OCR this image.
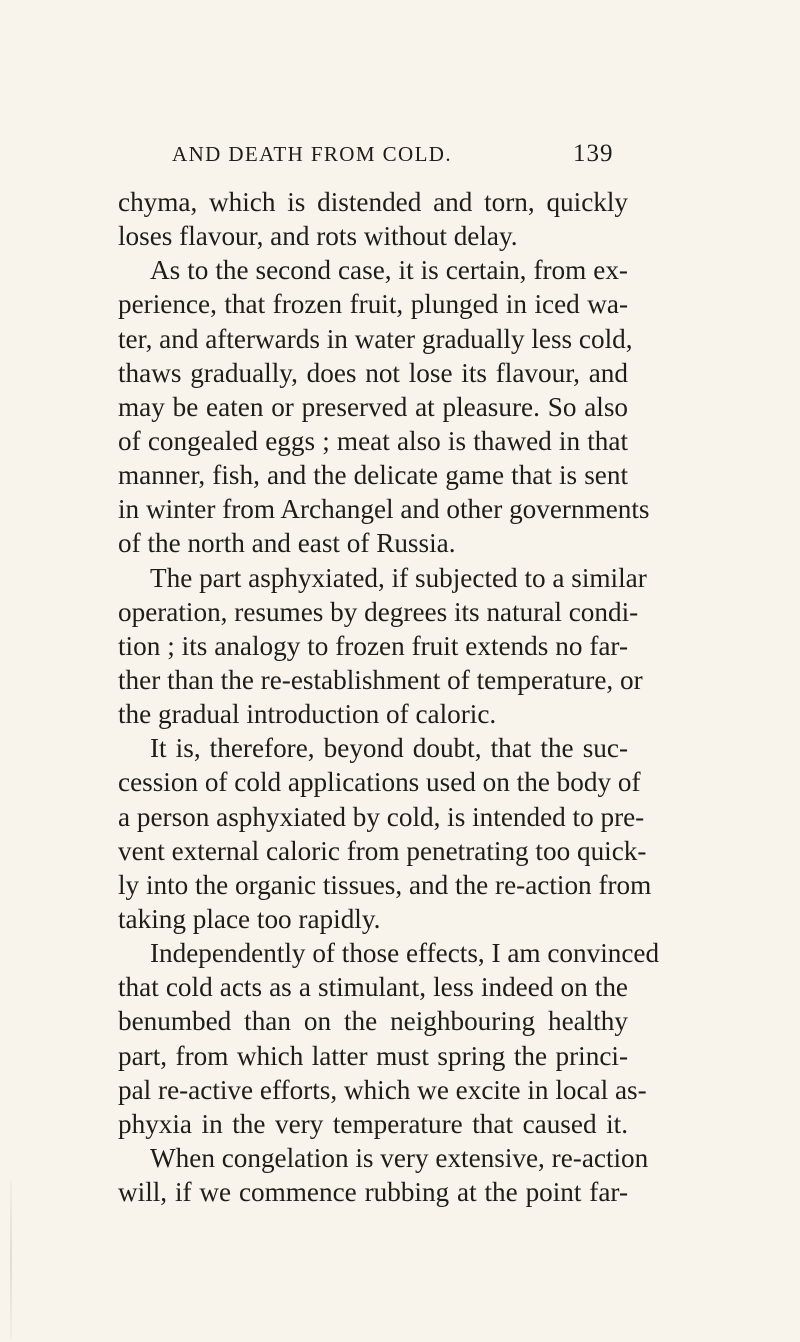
AND DEATH FROM COLD.	139
chyma, which is distended and torn, quickly
loses flavour, and rots without delay.
As to the second case, it is certain, from ex-
perience, that frozen fruit, plunged in iced wa-
ter, and afterwards in water gradually less cold,
thaws gradually, does not lose its flavour, and
may be eaten or preserved at pleasure. So also
of congealed eggs ; meat also is thawed in that
manner, fish, and the delicate game that is sent
in winter from Archangel and other governments
of the north and east of Russia.
The part asphyxiated, if subjected to a similar
operation, resumes by degrees its natural condi-
tion ; its analogy to frozen fruit extends no far-
ther than the re-establishment of temperature, or
the gradual introduction of caloric.
It is, therefore, beyond doubt, that the suc-
cession of cold applications used on the body of
a person asphyxiated by cold, is intended to pre-
vent external caloric from penetrating too quick-
ly into the organic tissues, and the re-action from
taking place too rapidly.
Independently of those effects, I am convinced
that cold acts as a stimulant, less indeed on the
benumbed than on the neighbouring healthy
part, from which latter must spring the princi-
pal re-active efforts, which we excite in local as-
phyxia in the very temperature that caused it.
When congelation is very extensive, re-action
will, if we commence rubbing at the point far-
